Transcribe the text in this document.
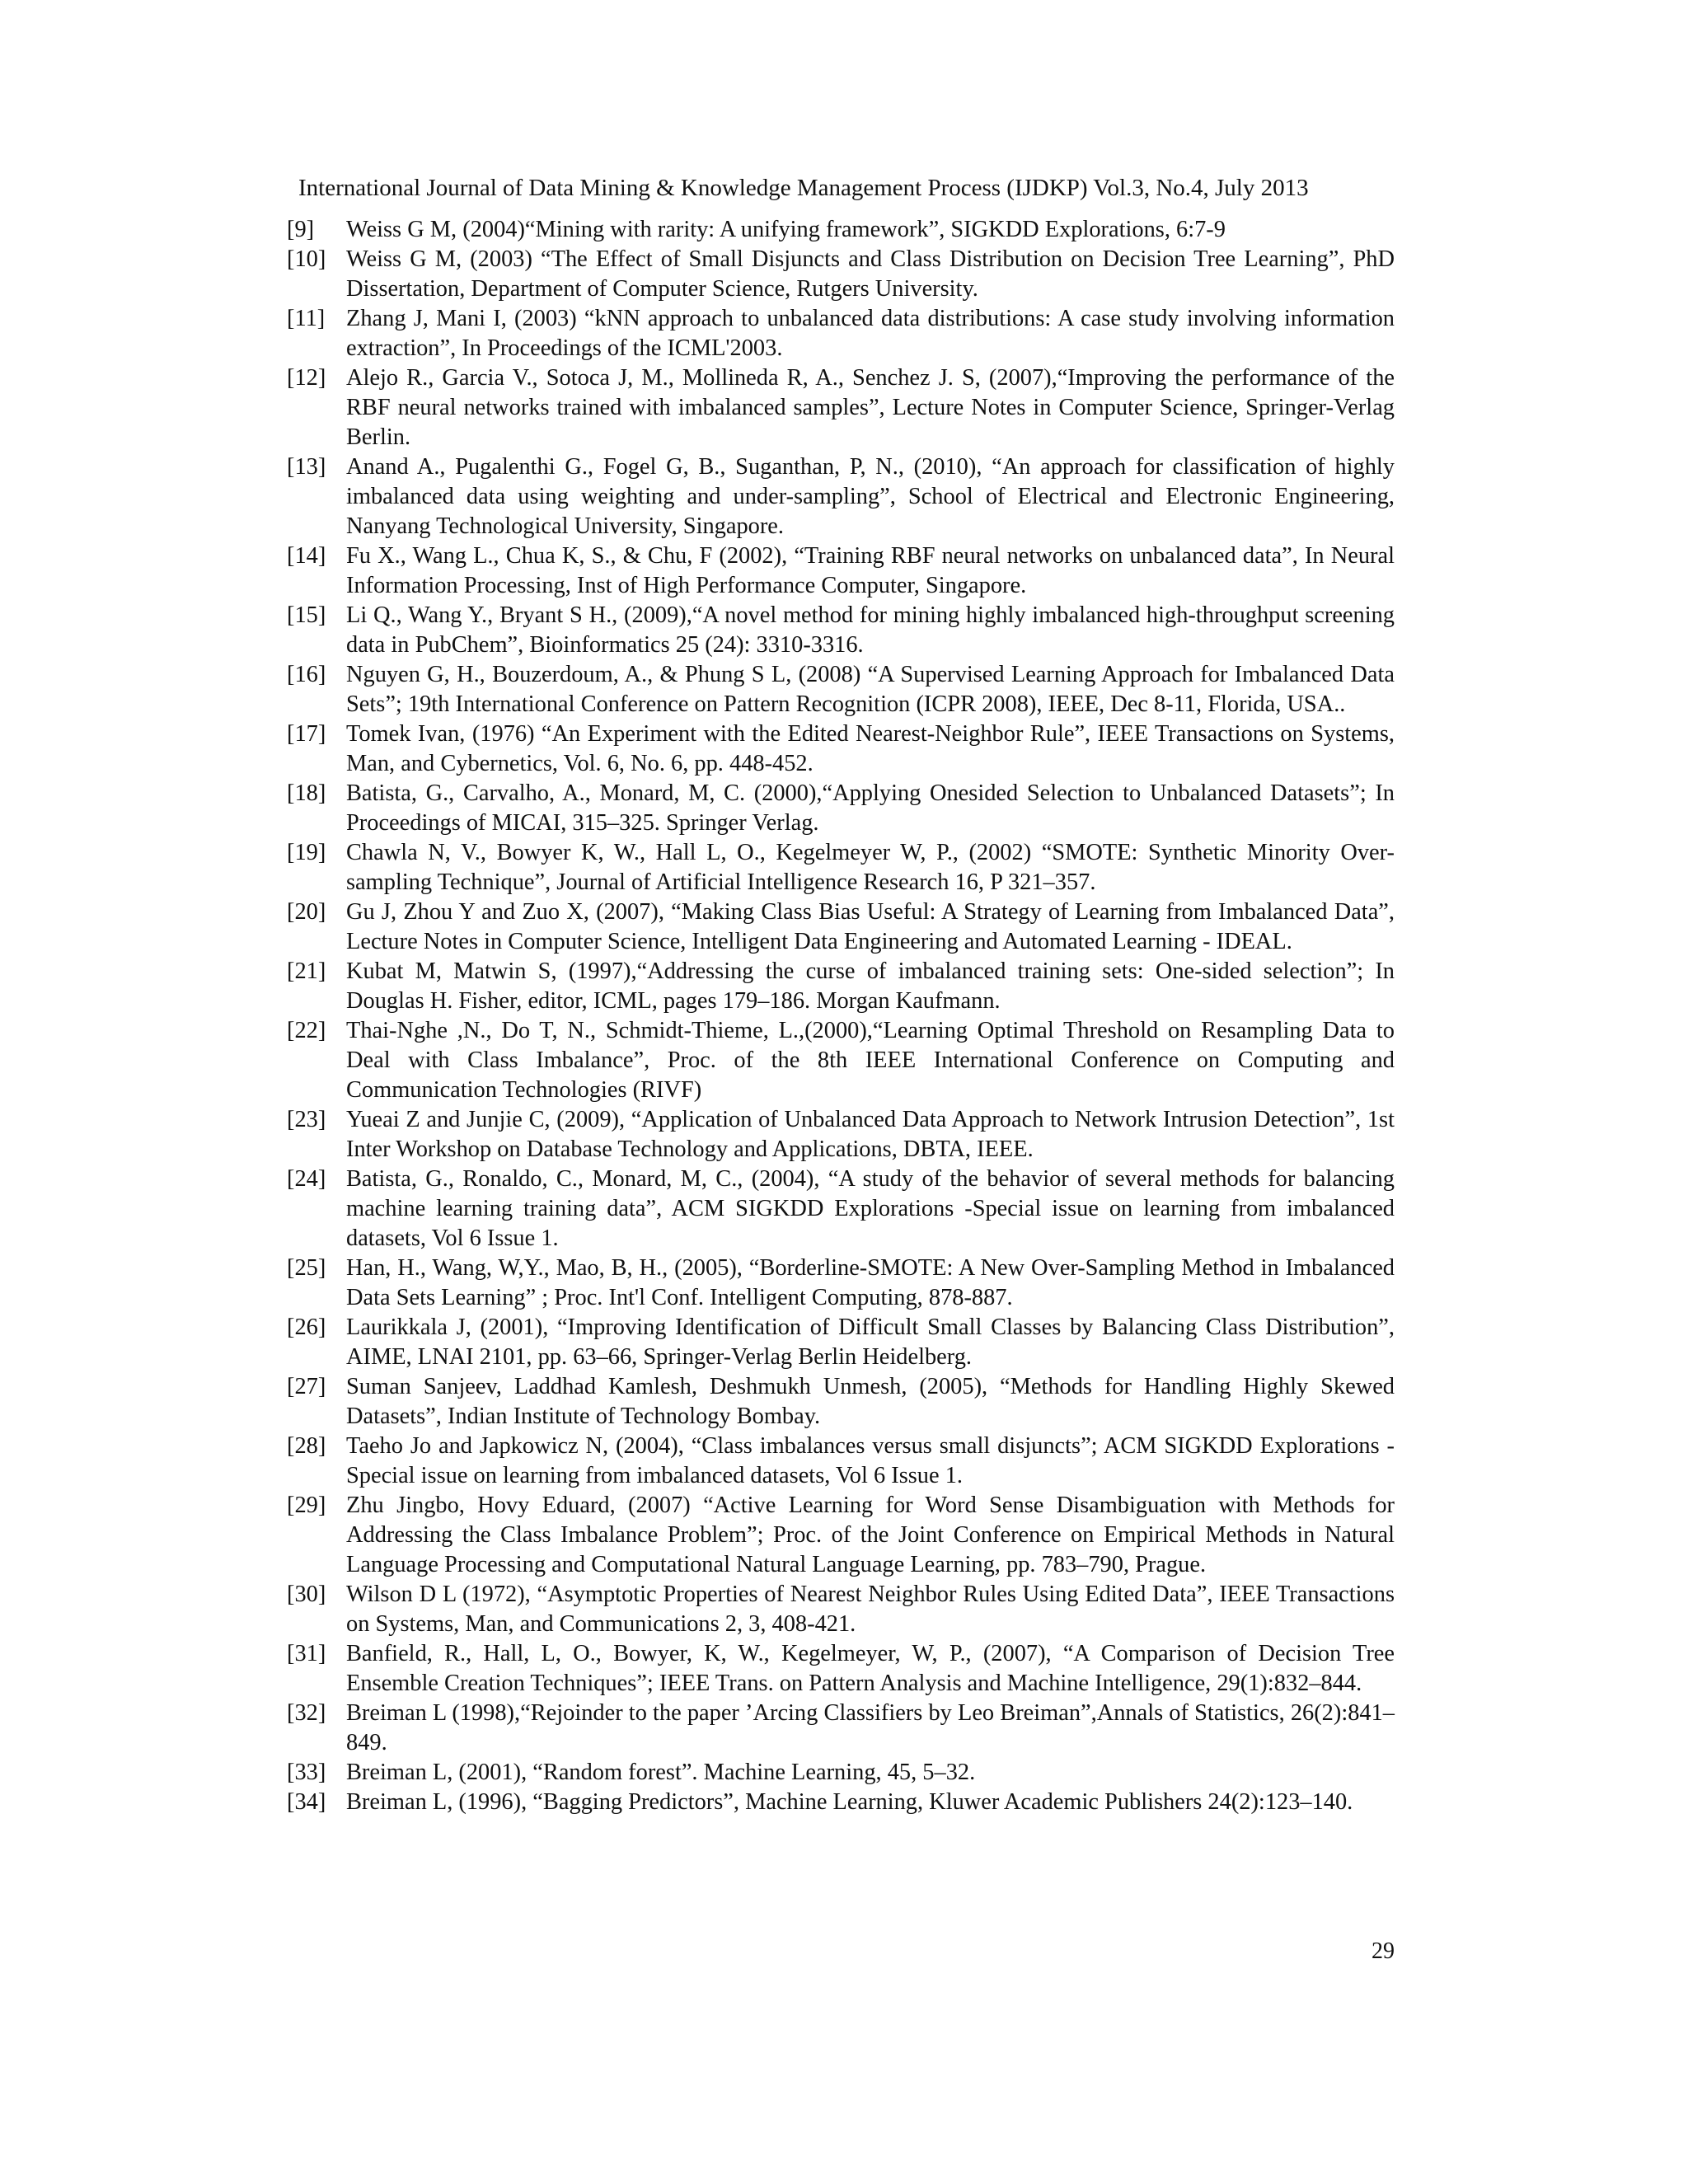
International Journal of Data Mining & Knowledge Management Process (IJDKP) Vol.3, No.4, July 2013
[9]	Weiss G M, (2004)“Mining with rarity: A unifying framework”, SIGKDD Explorations, 6:7-9
[10] Weiss G M, (2003) “The Effect of Small Disjuncts and Class Distribution on Decision Tree Learning”, PhD Dissertation, Department of Computer Science, Rutgers University.
[11] Zhang J, Mani I, (2003) “kNN approach to unbalanced data distributions: A case study involving information extraction”, In Proceedings of the ICML'2003.
[12] Alejo R., Garcia V., Sotoca J, M., Mollineda R, A., Senchez J. S, (2007),“Improving the performance of the RBF neural networks trained with imbalanced samples”, Lecture Notes in Computer Science, Springer-Verlag Berlin.
[13] Anand A., Pugalenthi G., Fogel G, B., Suganthan, P, N., (2010), “An approach for classification of highly imbalanced data using weighting and under-sampling”, School of Electrical and Electronic Engineering, Nanyang Technological University, Singapore.
[14] Fu X., Wang L., Chua K, S., & Chu, F (2002), “Training RBF neural networks on unbalanced data”, In Neural Information Processing, Inst of High Performance Computer, Singapore.
[15] Li Q., Wang Y., Bryant S H., (2009),“A novel method for mining highly imbalanced high-throughput screening data in PubChem”, Bioinformatics 25 (24): 3310-3316.
[16] Nguyen G, H., Bouzerdoum, A., & Phung S L, (2008) “A Supervised Learning Approach for Imbalanced Data Sets”; 19th International Conference on Pattern Recognition (ICPR 2008), IEEE, Dec 8-11, Florida, USA..
[17] Tomek Ivan, (1976) “An Experiment with the Edited Nearest-Neighbor Rule”, IEEE Transactions on Systems, Man, and Cybernetics, Vol. 6, No. 6, pp. 448-452.
[18] Batista, G., Carvalho, A., Monard, M, C. (2000),“Applying Onesided Selection to Unbalanced Datasets”; In Proceedings of MICAI, 315–325. Springer Verlag.
[19] Chawla N, V., Bowyer K, W., Hall L, O., Kegelmeyer W, P., (2002) “SMOTE: Synthetic Minority Over-sampling Technique”, Journal of Artificial Intelligence Research 16, P 321–357.
[20] Gu J, Zhou Y and Zuo X, (2007), “Making Class Bias Useful: A Strategy of Learning from Imbalanced Data”, Lecture Notes in Computer Science, Intelligent Data Engineering and Automated Learning - IDEAL.
[21] Kubat M, Matwin S, (1997),“Addressing the curse of imbalanced training sets: One-sided selection”; In Douglas H. Fisher, editor, ICML, pages 179–186. Morgan Kaufmann.
[22] Thai-Nghe ,N., Do T, N., Schmidt-Thieme, L.,(2000),“Learning Optimal Threshold on Resampling Data to Deal with Class Imbalance”, Proc. of the 8th IEEE International Conference on Computing and Communication Technologies (RIVF)
[23] Yueai Z and Junjie C, (2009), “Application of Unbalanced Data Approach to Network Intrusion Detection”, 1st Inter Workshop on Database Technology and Applications, DBTA, IEEE.
[24] Batista, G., Ronaldo, C., Monard, M, C., (2004), “A study of the behavior of several methods for balancing machine learning training data”, ACM SIGKDD Explorations -Special issue on learning from imbalanced datasets, Vol 6 Issue 1.
[25] Han, H., Wang, W,Y., Mao, B, H., (2005), “Borderline-SMOTE: A New Over-Sampling Method in Imbalanced Data Sets Learning” ; Proc. Int'l Conf. Intelligent Computing, 878-887.
[26] Laurikkala J, (2001), “Improving Identification of Difficult Small Classes by Balancing Class Distribution”, AIME, LNAI 2101, pp. 63–66, Springer-Verlag Berlin Heidelberg.
[27] Suman Sanjeev, Laddhad Kamlesh, Deshmukh Unmesh, (2005), “Methods for Handling Highly Skewed Datasets”, Indian Institute of Technology Bombay.
[28] Taeho Jo and Japkowicz N, (2004), “Class imbalances versus small disjuncts”; ACM SIGKDD Explorations -Special issue on learning from imbalanced datasets, Vol 6 Issue 1.
[29] Zhu Jingbo, Hovy Eduard, (2007) “Active Learning for Word Sense Disambiguation with Methods for Addressing the Class Imbalance Problem”; Proc. of the Joint Conference on Empirical Methods in Natural Language Processing and Computational Natural Language Learning, pp. 783–790, Prague.
[30] Wilson D L (1972), “Asymptotic Properties of Nearest Neighbor Rules Using Edited Data”, IEEE Transactions on Systems, Man, and Communications 2, 3, 408-421.
[31] Banfield, R., Hall, L, O., Bowyer, K, W., Kegelmeyer, W, P., (2007), “A Comparison of Decision Tree Ensemble Creation Techniques”; IEEE Trans. on Pattern Analysis and Machine Intelligence, 29(1):832–844.
[32] Breiman L (1998),“Rejoinder to the paper ’Arcing Classifiers by Leo Breiman”,Annals of Statistics, 26(2):841–849.
[33] Breiman L, (2001), “Random forest”. Machine Learning, 45, 5–32.
[34] Breiman L, (1996), “Bagging Predictors”, Machine Learning, Kluwer Academic Publishers 24(2):123–140.
29
